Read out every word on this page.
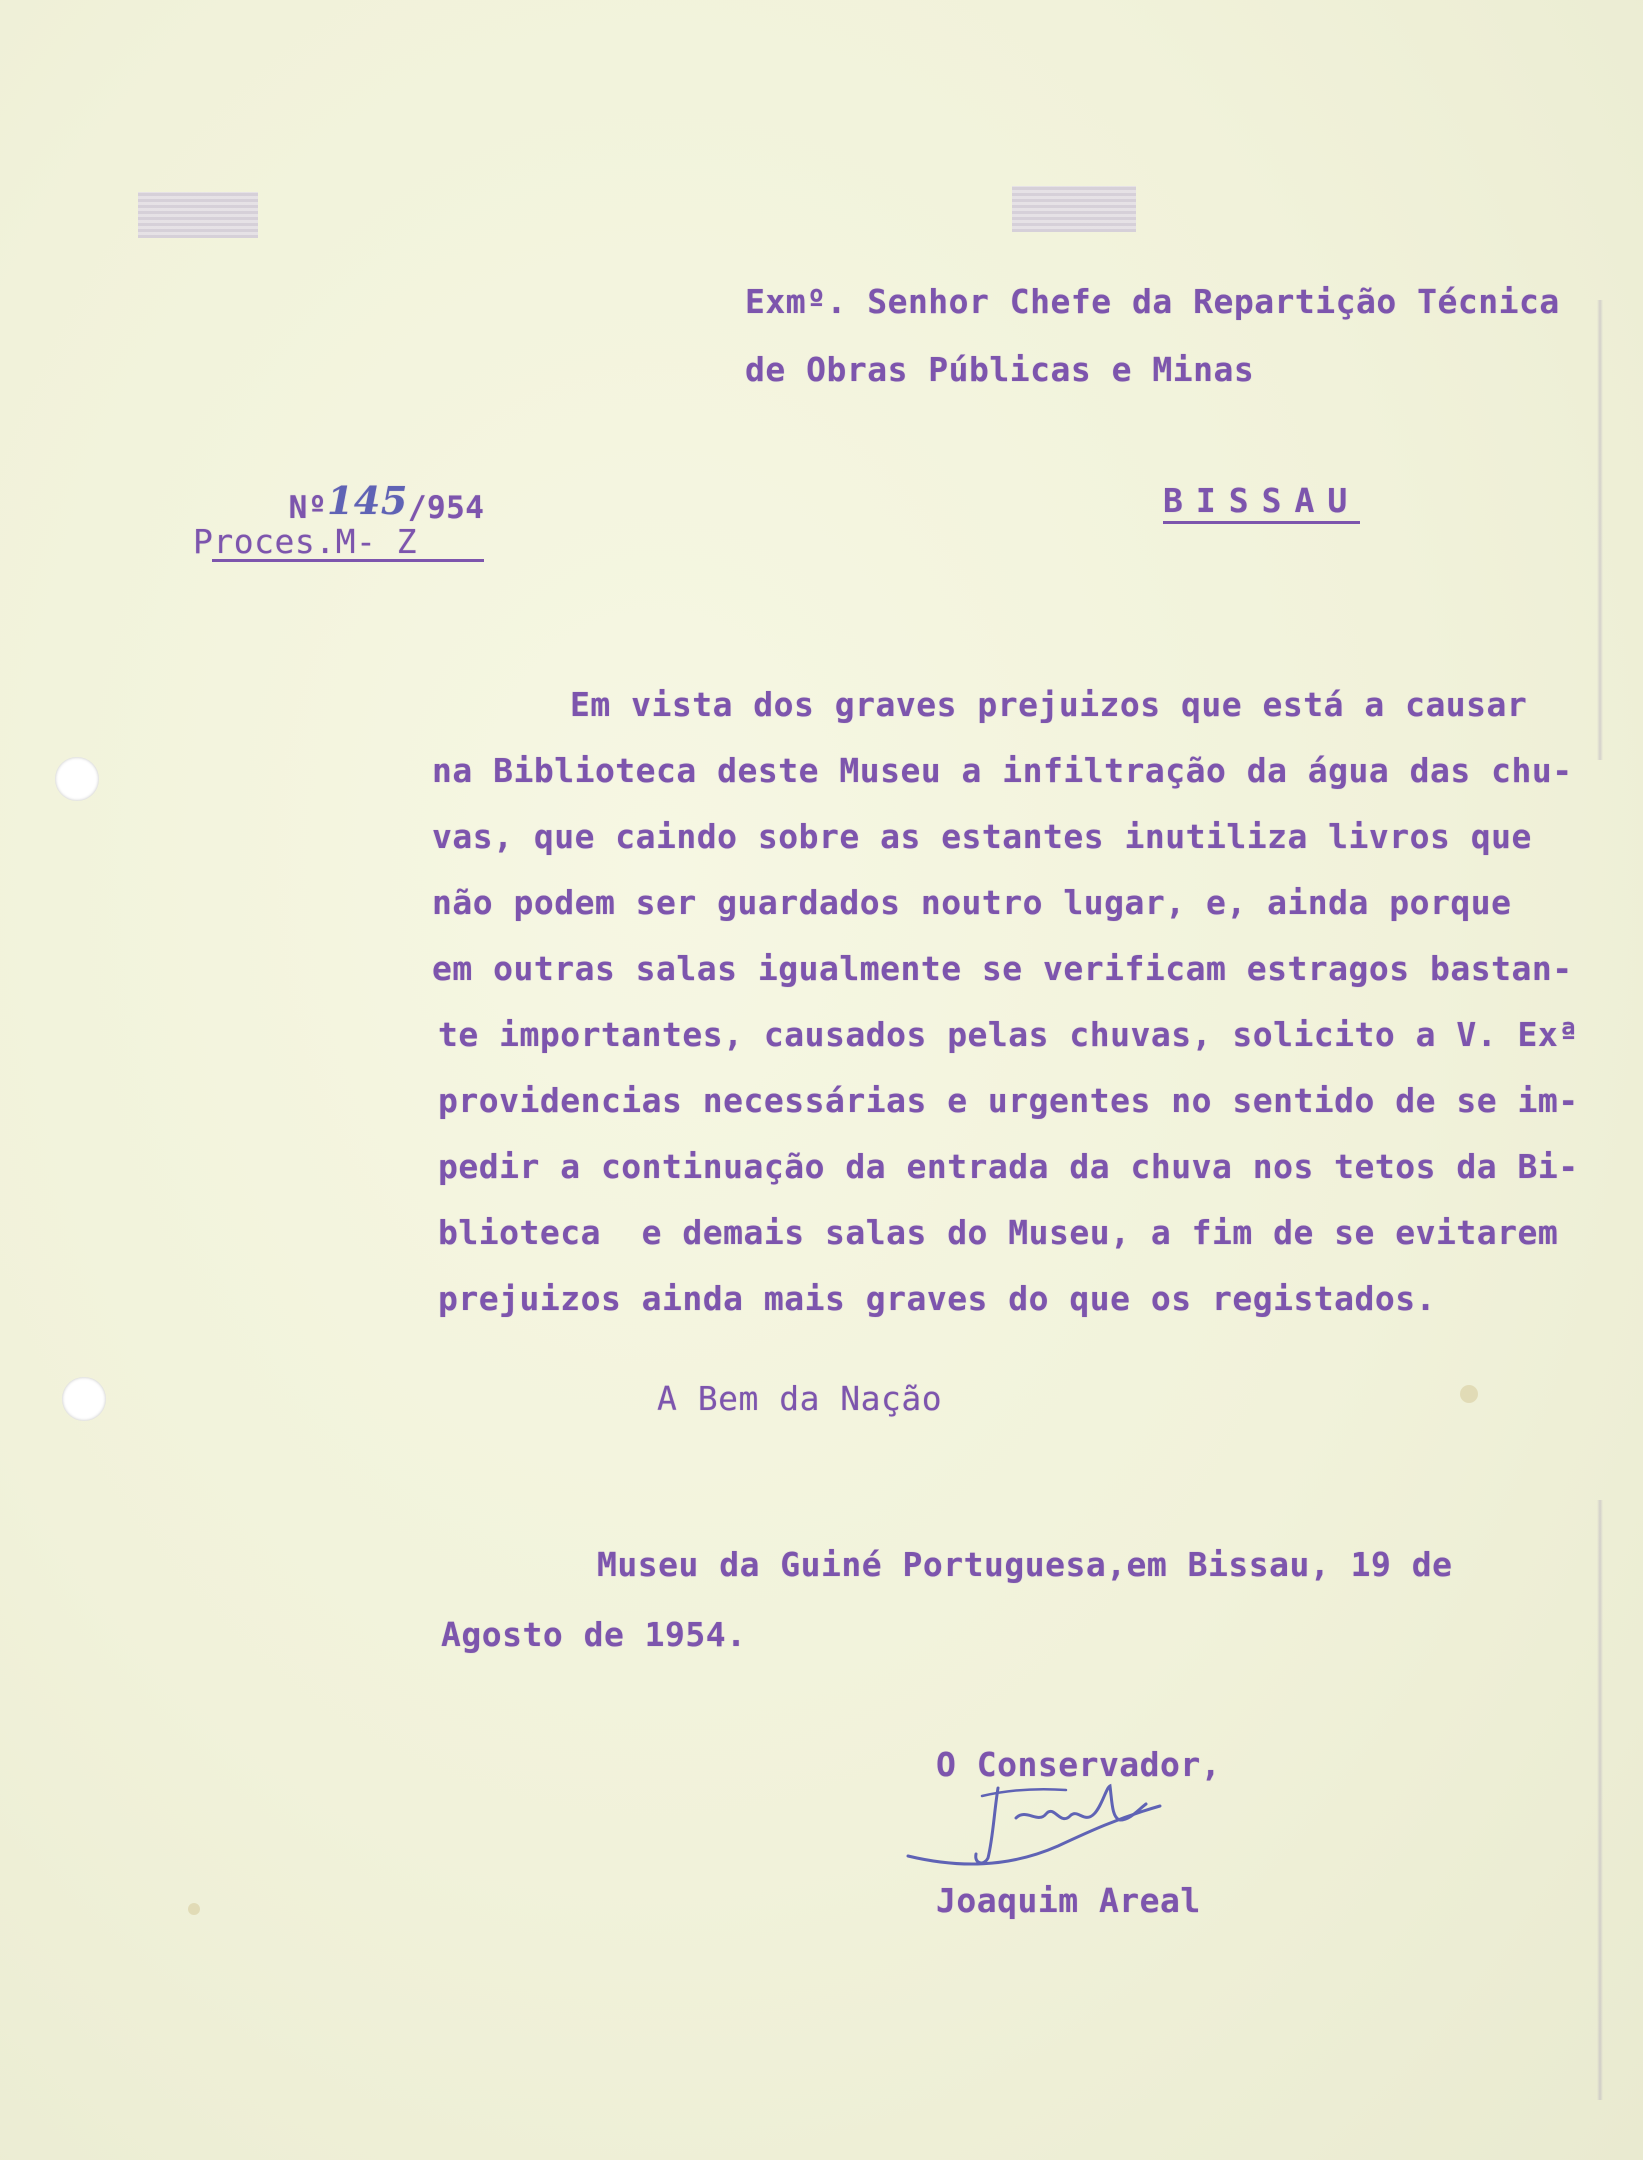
Exmº. Senhor Chefe da Repartição Técnica
de Obras Públicas e Minas

Nº145/954

Proces.M- Z
BISSAU
Em vista dos graves prejuizos que está a causar
na Biblioteca deste Museu a infiltração da água das chu-
vas, que caindo sobre as estantes inutiliza livros que
não podem ser guardados noutro lugar, e, ainda porque
em outras salas igualmente se verificam estragos bastan-
te importantes, causados pelas chuvas, solicito a V. Exª
providencias necessárias e urgentes no sentido de se im-
pedir a continuação da entrada da chuva nos tetos da Bi-
blioteca  e demais salas do Museu, a fim de se evitarem
prejuizos ainda mais graves do que os registados.
A Bem da Nação
Museu da Guiné Portuguesa,em Bissau, 19 de
Agosto de 1954.
O Conservador,
Joaquim Areal
